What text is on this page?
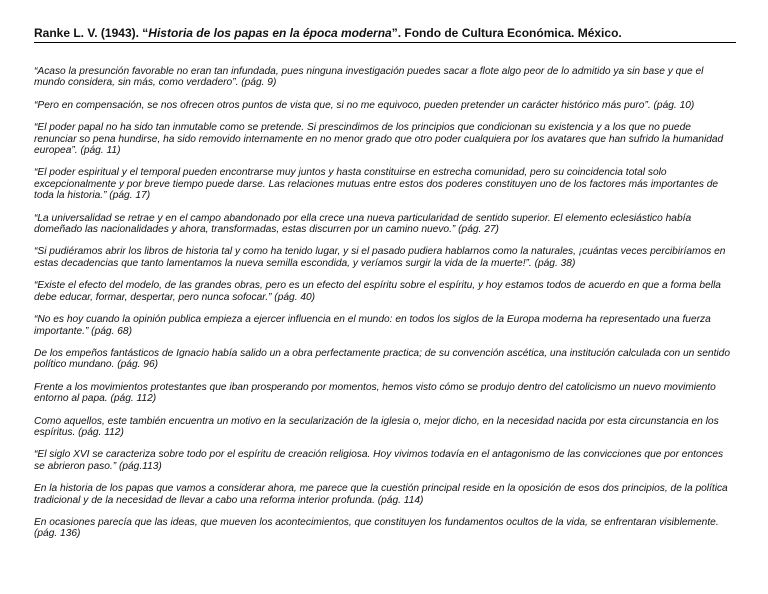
Ranke L. V. (1943). “Historia de los papas en la época moderna”. Fondo de Cultura Económica. México.

“Acaso la presunción favorable no eran tan infundada, pues ninguna investigación puedes sacar a flote algo peor de lo admitido ya sin base y que el mundo considera, sin más, como verdadero”. (pág. 9)

“Pero en compensación, se nos ofrecen otros puntos de vista que, si no me equivoco, pueden pretender un carácter histórico más puro”. (pág. 10)

“El poder papal no ha sido tan inmutable como se pretende. Si prescindimos de los principios que condicionan su existencia y a los que no puede renunciar so pena hundirse, ha sido removido internamente en no menor grado que otro poder cualquiera por los avatares que han sufrido la humanidad europea”. (pág. 11)

“El poder espiritual y el temporal pueden encontrarse muy juntos y hasta constituirse en estrecha comunidad, pero su coincidencia total solo excepcionalmente y por breve tiempo puede darse. Las relaciones mutuas entre estos dos poderes constituyen uno de los factores más importantes de toda la historia.” (pág. 17)

“La universalidad se retrae y en el campo abandonado por ella crece una nueva particularidad de sentido superior. El elemento eclesiástico había domeñado las nacionalidades y ahora, transformadas, estas discurren por un camino nuevo.” (pág. 27)

“Si pudiéramos abrir los libros de historia tal y como ha tenido lugar, y si el pasado pudiera hablarnos como la naturales, ¡cuántas veces percibiríamos en estas decadencias que tanto lamentamos la nueva semilla escondida, y veríamos surgir la vida de la muerte!”. (pág. 38)

“Existe el efecto del modelo, de las grandes obras, pero es un efecto del espíritu sobre el espíritu, y hoy estamos todos de acuerdo en que a forma bella debe educar, formar, despertar, pero nunca sofocar.” (pág. 40)

“No es hoy cuando la opinión publica empieza a ejercer influencia en el mundo: en todos los siglos de la Europa moderna ha representado una fuerza importante.” (pág. 68)

De los empeños fantásticos de Ignacio había salido un a obra perfectamente practica; de su convención ascética, una institución calculada con un sentido político mundano. (pág. 96)

Frente a los movimientos protestantes que iban prosperando por momentos, hemos visto cómo se produjo dentro del catolicismo un nuevo movimiento entorno al papa. (pág. 112)

Como aquellos, este también encuentra un motivo en la secularización de la iglesia o, mejor dicho, en la necesidad nacida por esta circunstancia en los espíritus. (pág. 112)

“El siglo XVI se caracteriza sobre todo por el espíritu de creación religiosa. Hoy vivimos todavía en el antagonismo de las convicciones que por entonces se abrieron paso.” (pág.113)

En la historia de los papas que vamos a considerar ahora, me parece que la cuestión principal reside en la oposición de esos dos principios, de la política tradicional y de la necesidad de llevar a cabo una reforma interior profunda. (pág. 114)

En ocasiones parecía que las ideas, que mueven los acontecimientos, que constituyen los fundamentos ocultos de la vida, se enfrentaran visiblemente. (pág. 136)
